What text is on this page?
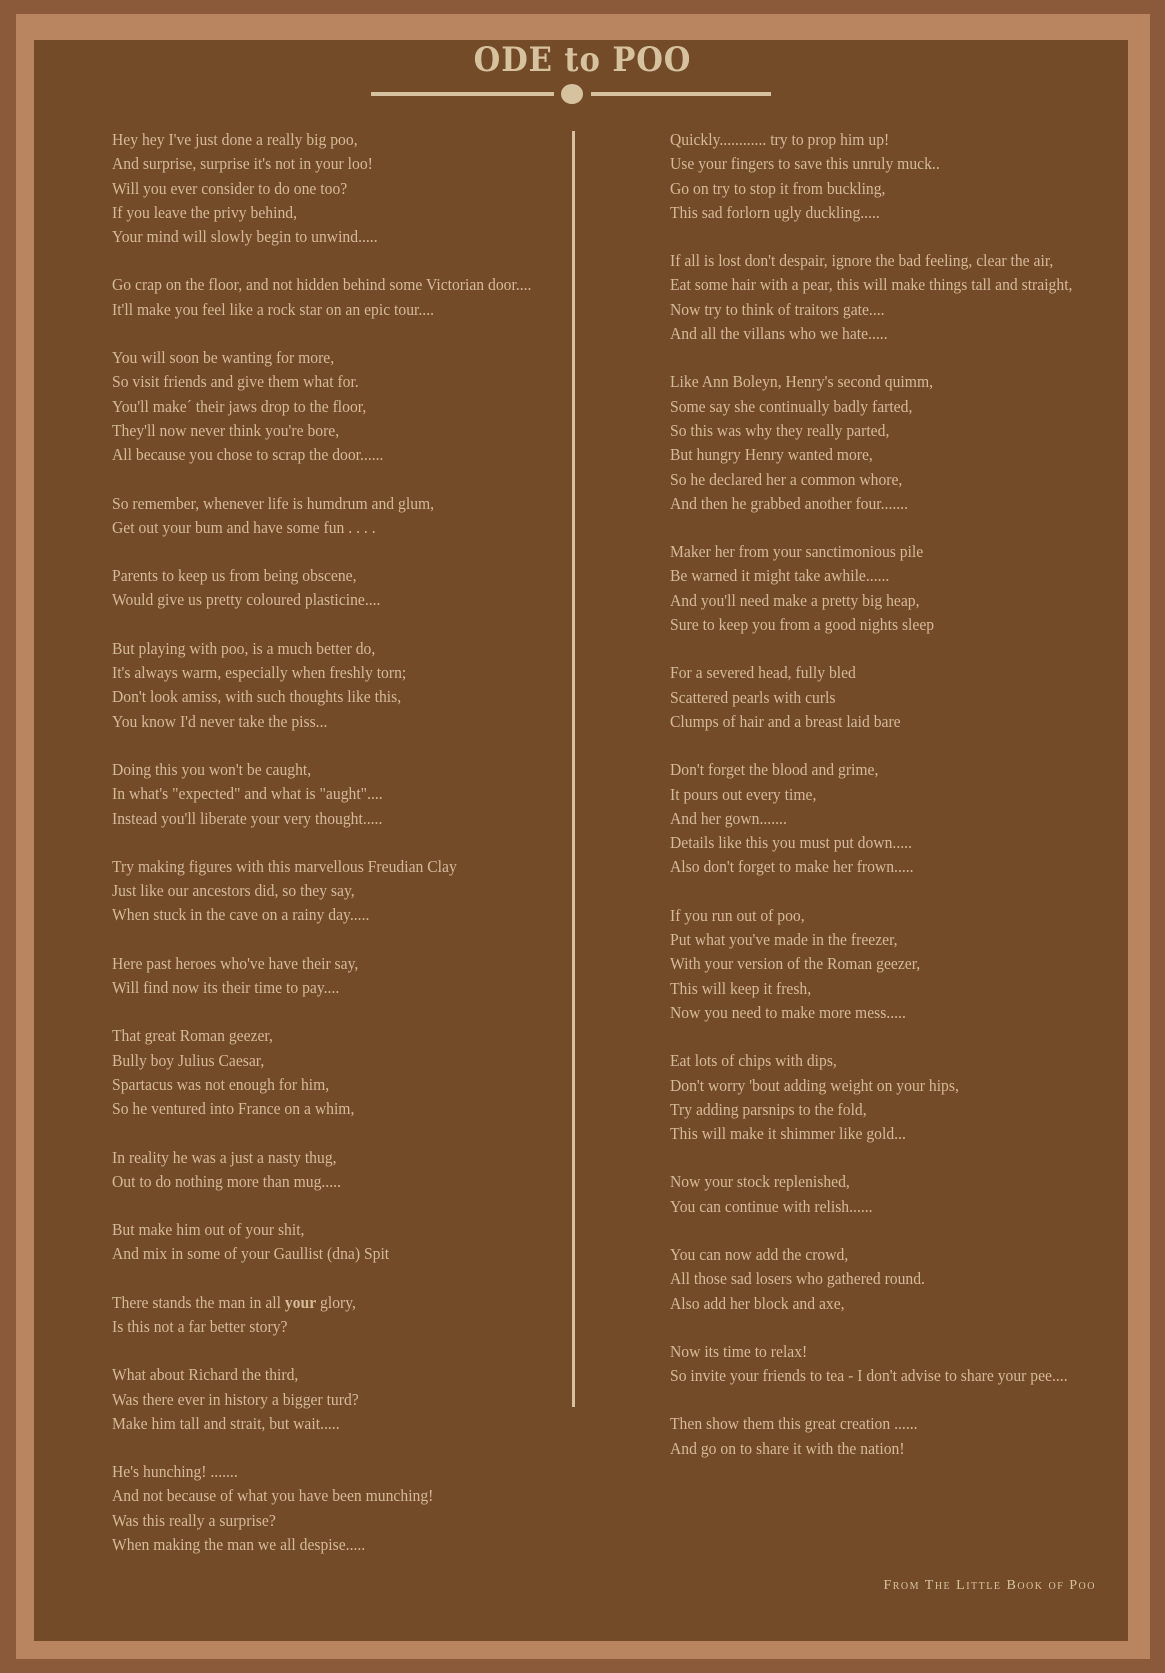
ODE to POO
Hey hey I've just done a really big poo,
And surprise, surprise it's not in your loo!
Will you ever consider to do one too?
If you leave the privy behind,
Your mind will slowly begin to unwind.....
Go crap on the floor, and not hidden behind some Victorian door....
It'll make you feel like a rock star on an epic tour....
You will soon be wanting for more,
So visit friends and give them what for.
You'll make´ their jaws drop to the floor,
They'll now never think you're bore,
All because you chose to scrap the door......
So remember, whenever life is humdrum and glum,
Get out your bum and have some fun . . . .
Parents to keep us from being obscene,
Would give us pretty coloured plasticine....
But playing with poo, is a much better do,
It's always warm, especially when freshly torn;
Don't look amiss, with such thoughts like this,
You know I'd never take the piss...
Doing this you won't be caught,
In what's "expected" and what is "aught"....
Instead you'll liberate your very thought.....
Try making figures with this marvellous Freudian Clay
Just like our ancestors did, so they say,
When stuck in the cave on a rainy day.....
Here past heroes who've have their say,
Will find now its their time to pay....
That great Roman geezer,
Bully boy Julius Caesar,
Spartacus was not enough for him,
So he ventured into France on a whim,
In reality he was a just a nasty thug,
Out to do nothing more than mug.....
But make him out of your shit,
And mix in some of your Gaullist (dna) Spit
There stands the man in all your glory,
Is this not a far better story?
What about Richard the third,
Was there ever in history a bigger turd?
Make him tall and strait, but wait.....
He's hunching! .......
And not because of what you have been munching!
Was this really a surprise?
When making the man we all despise.....
Quickly............ try to prop him up!
Use your fingers to save this unruly muck..
Go on try to stop it from buckling,
This sad forlorn ugly duckling.....
If all is lost don't despair, ignore the bad feeling, clear the air,
Eat some hair with a pear, this will make things tall and straight,
Now try to think of traitors gate....
And all the villans who we hate.....
Like Ann Boleyn, Henry's second quimm,
Some say she continually badly farted,
So this was why they really parted,
But hungry Henry wanted more,
So he declared her a common whore,
And then he grabbed another four.......
Maker her from your sanctimonious pile
Be warned it might take awhile......
And you'll need make a pretty big heap,
Sure to keep you from a good nights sleep
For a severed head, fully bled
Scattered pearls with curls
Clumps of hair and a breast laid bare
Don't forget the blood and grime,
It pours out every time,
And her gown.......
Details like this you must put down.....
Also don't forget to make her frown.....
If you run out of poo,
Put what you've made in the freezer,
With your version of the Roman geezer,
This will keep it fresh,
Now you need to make more mess.....
Eat lots of chips with dips,
Don't worry 'bout adding weight on your hips,
Try adding parsnips to the fold,
This will make it shimmer like gold...
Now your stock replenished,
You can continue with relish......
You can now add the crowd,
All those sad losers who gathered round.
Also add her block and axe,
Now its time to relax!
So invite your friends to tea - I don't advise to share your pee....
Then show them this great creation ......
And go on to share it with the nation!
From The Little Book of Poo
